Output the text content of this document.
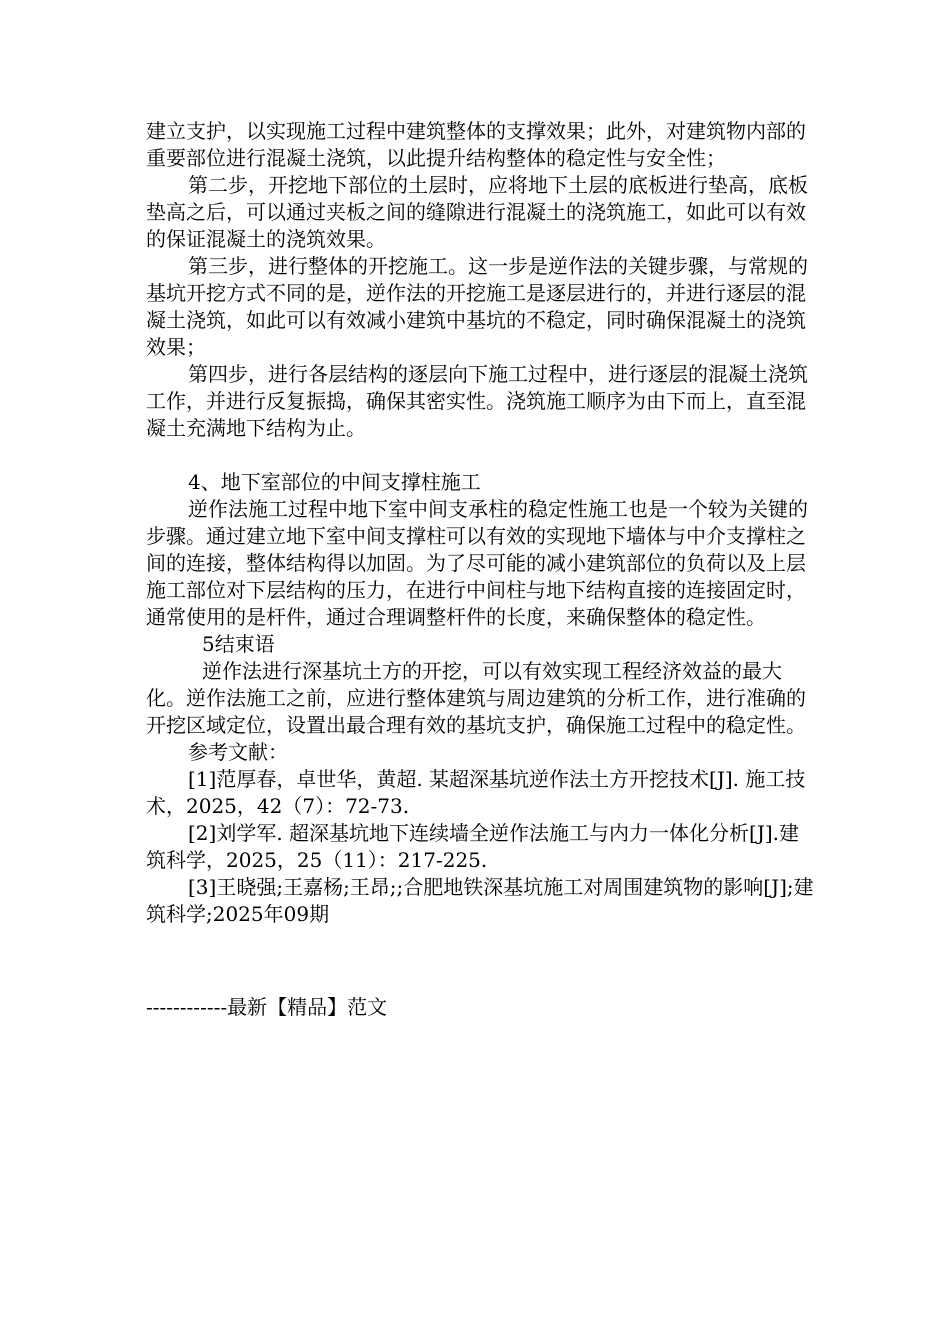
建立支护，以实现施工过程中建筑整体的支撑效果；此外，对建筑物内部的重要部位进行混凝土浇筑，以此提升结构整体的稳定性与安全性；

第二步，开挖地下部位的土层时，应将地下土层的底板进行垫高，底板垫高之后，可以通过夹板之间的缝隙进行混凝土的浇筑施工，如此可以有效的保证混凝土的浇筑效果。

第三步，进行整体的开挖施工。这一步是逆作法的关键步骤，与常规的基坑开挖方式不同的是，逆作法的开挖施工是逐层进行的，并进行逐层的混凝土浇筑，如此可以有效减小建筑中基坑的不稳定，同时确保混凝土的浇筑效果；

第四步，进行各层结构的逐层向下施工过程中，进行逐层的混凝土浇筑工作，并进行反复振捣，确保其密实性。浇筑施工顺序为由下而上，直至混凝土充满地下结构为止。

4、地下室部位的中间支撑柱施工

逆作法施工过程中地下室中间支承柱的稳定性施工也是一个较为关键的步骤。通过建立地下室中间支撑柱可以有效的实现地下墙体与中介支撑柱之间的连接，整体结构得以加固。为了尽可能的减小建筑部位的负荷以及上层施工部位对下层结构的压力，在进行中间柱与地下结构直接的连接固定时，通常使用的是杆件，通过合理调整杆件的长度，来确保整体的稳定性。

5结束语

逆作法进行深基坑土方的开挖，可以有效实现工程经济效益的最大化。逆作法施工之前，应进行整体建筑与周边建筑的分析工作，进行准确的开挖区域定位，设置出最合理有效的基坑支护，确保施工过程中的稳定性。

参考文献：

[1]范厚春，卓世华，黄超. 某超深基坑逆作法土方开挖技术[J]. 施工技术，2025，42（7）：72-73.

[2]刘学军. 超深基坑地下连续墙全逆作法施工与内力一体化分析[J].建筑科学，2025，25（11）：217-225.

[3]王晓强;王嘉杨;王昂;;合肥地铁深基坑施工对周围建筑物的影响[J];建筑科学;2025年09期

------------最新【精品】范文
